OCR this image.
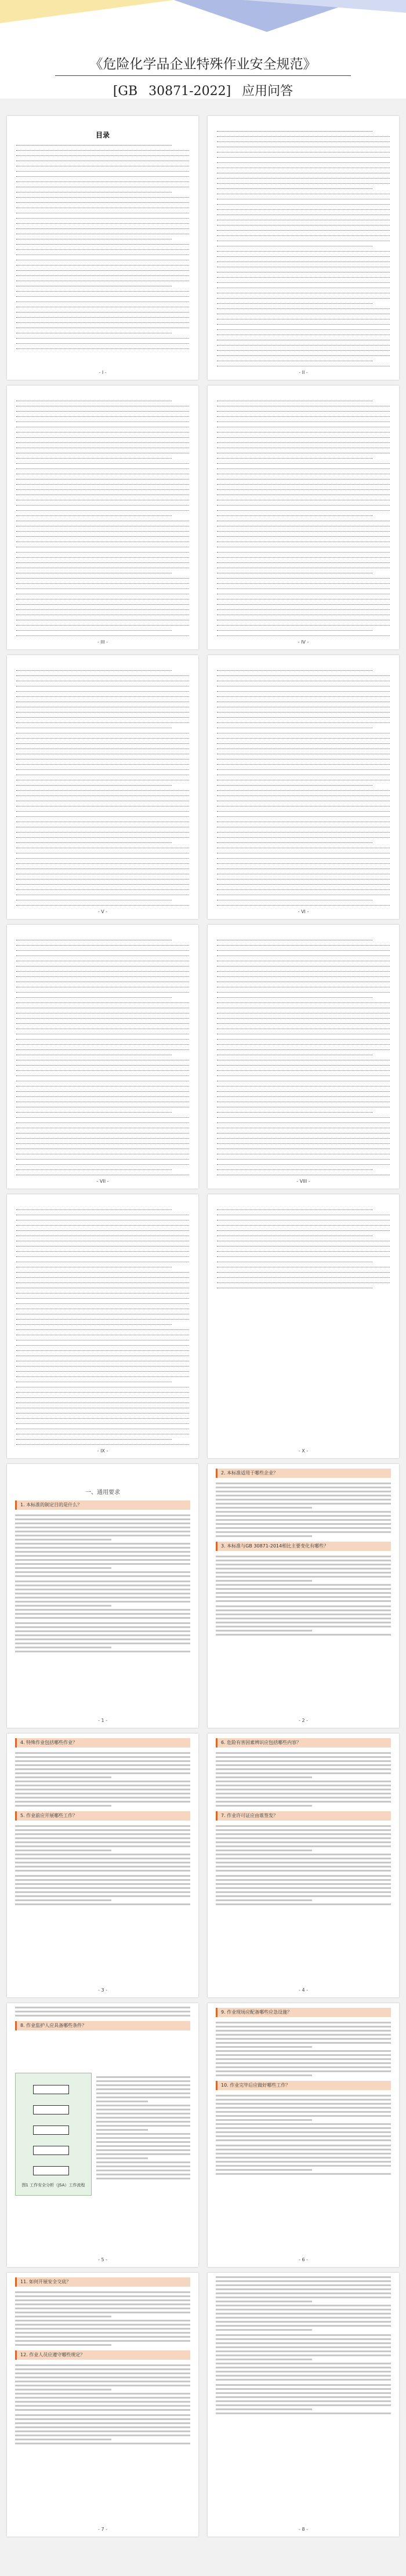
《危险化学品企业特殊作业安全规范》
[GB 30871-2022] 应用问答
目录
- I -	- II -
- III -	- IV -
- V -	- VI -
- VII -	- VIII -
- IX -	- X -
一、通用要求
1. 本标准的制定目的是什么？
- 1 -
2. 本标准适用于哪些企业？
3. 本标准与GB 30871-2014相比主要变化有哪些？
- 2 -
4. 特殊作业包括哪些作业？
5. 作业前应开展哪些工作？
- 3 -
6. 危险有害因素辨识应包括哪些内容？
7. 作业许可证应由谁签发？
- 4 -
8. 作业监护人应具备哪些条件？
图1 工作安全分析（JSA）工作流程
- 5 -
9. 作业现场应配备哪些应急设施？
10. 作业完毕后应做好哪些工作？
- 6 -
11. 如何开展安全交底？
12. 作业人员应遵守哪些规定？
- 7 -	- 8 -
